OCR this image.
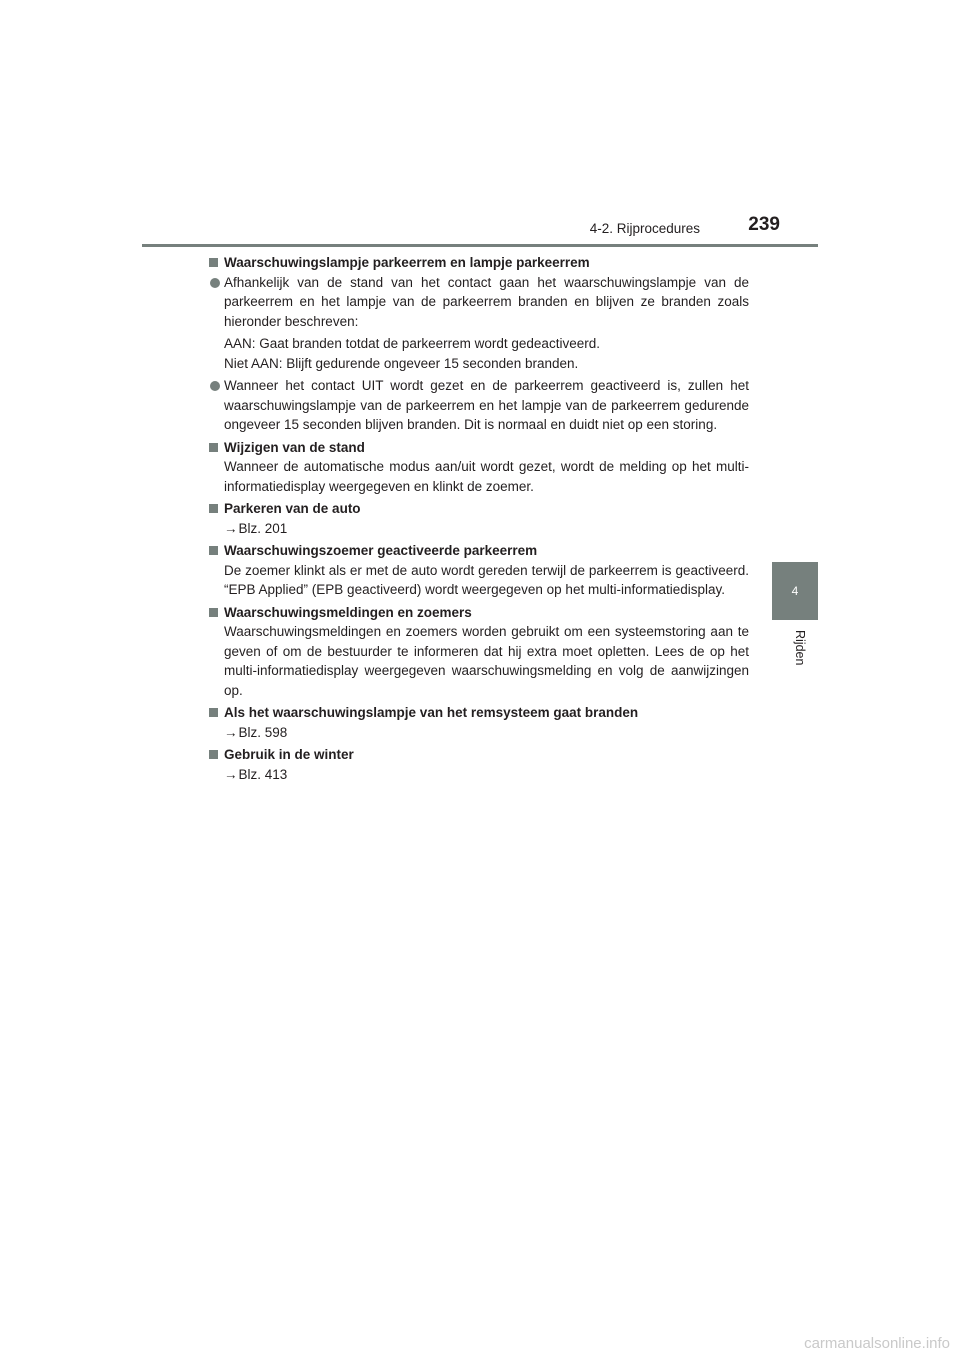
4-2. Rijprocedures	239
4
Rijden
Waarschuwingslampje parkeerrem en lampje parkeerrem
Afhankelijk van de stand van het contact gaan het waarschuwingslampje van de parkeerrem en het lampje van de parkeerrem branden en blijven ze branden zoals hieronder beschreven:
AAN: Gaat branden totdat de parkeerrem wordt gedeactiveerd.
Niet AAN: Blijft gedurende ongeveer 15 seconden branden.
Wanneer het contact UIT wordt gezet en de parkeerrem geactiveerd is, zullen het waarschuwingslampje van de parkeerrem en het lampje van de parkeerrem gedurende ongeveer 15 seconden blijven branden. Dit is normaal en duidt niet op een storing.
Wijzigen van de stand
Wanneer de automatische modus aan/uit wordt gezet, wordt de melding op het multi-informatiedisplay weergegeven en klinkt de zoemer.
Parkeren van de auto
→Blz. 201
Waarschuwingszoemer geactiveerde parkeerrem
De zoemer klinkt als er met de auto wordt gereden terwijl de parkeerrem is geactiveerd. “EPB Applied” (EPB geactiveerd) wordt weergegeven op het multi-informatiedisplay.
Waarschuwingsmeldingen en zoemers
Waarschuwingsmeldingen en zoemers worden gebruikt om een systeemstoring aan te geven of om de bestuurder te informeren dat hij extra moet opletten. Lees de op het multi-informatiedisplay weergegeven waarschuwingsmelding en volg de aanwijzingen op.
Als het waarschuwingslampje van het remsysteem gaat branden
→Blz. 598
Gebruik in de winter
→Blz. 413
carmanualsonline.info
